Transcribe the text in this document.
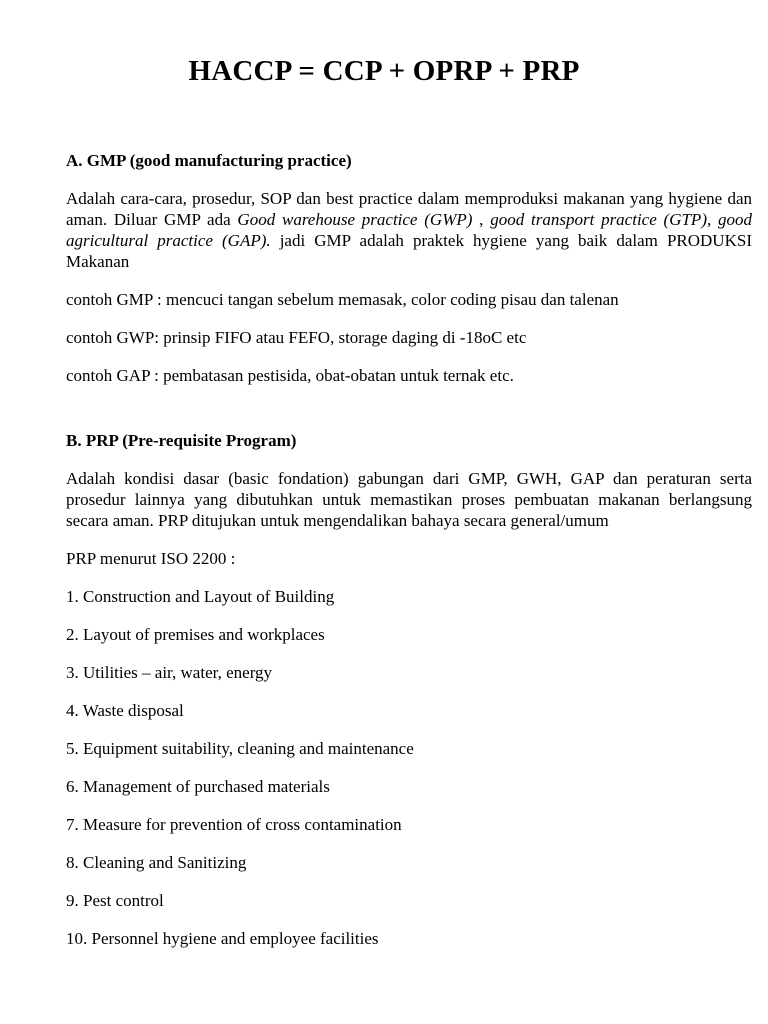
HACCP = CCP + OPRP + PRP
A. GMP (good manufacturing practice)

Adalah cara-cara, prosedur, SOP dan best practice dalam memproduksi makanan yang hygiene dan aman. Diluar GMP ada Good warehouse practice (GWP) , good transport practice (GTP), good agricultural practice (GAP). jadi GMP adalah praktek hygiene yang baik dalam PRODUKSI Makanan

contoh GMP : mencuci tangan sebelum memasak, color coding pisau dan talenan

contoh GWP: prinsip FIFO atau FEFO, storage daging di -18oC etc

contoh GAP : pembatasan pestisida, obat-obatan untuk ternak etc.

B. PRP (Pre-requisite Program)

Adalah kondisi dasar (basic fondation) gabungan dari GMP, GWH, GAP dan peraturan serta prosedur lainnya yang dibutuhkan untuk memastikan proses pembuatan makanan berlangsung secara aman. PRP ditujukan untuk mengendalikan bahaya secara general/umum

PRP menurut ISO 2200 :

1. Construction and Layout of Building
2. Layout of premises and workplaces
3. Utilities – air, water, energy
4. Waste disposal
5. Equipment suitability, cleaning and maintenance
6. Management of purchased materials
7. Measure for prevention of cross contamination
8. Cleaning and Sanitizing
9. Pest control
10. Personnel hygiene and employee facilities
